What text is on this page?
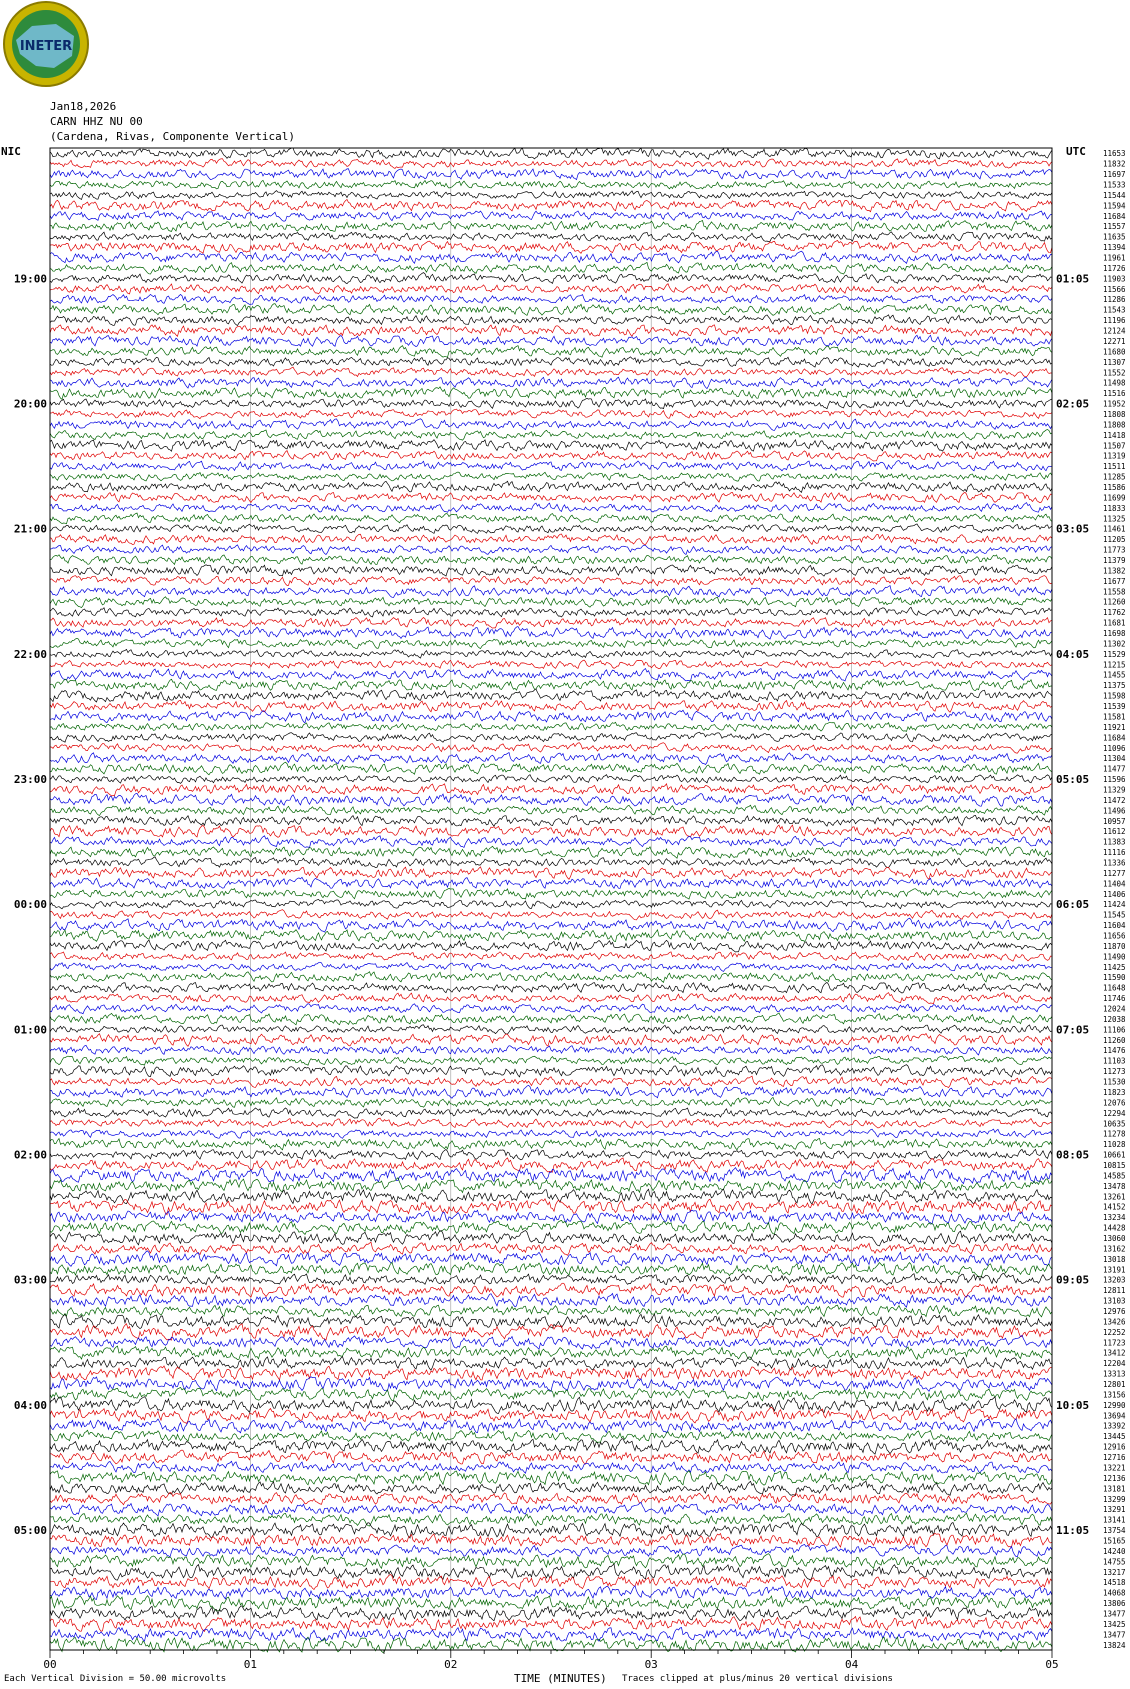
INETER
Jan18,2026
CARN HHZ NU 00
(Cardena, Rivas, Componente Vertical)
NIC	UTC
00	01	02	03	04	05
19:00
20:00
21:00
22:00
23:00
00:00
01:00
02:00
03:00
04:00
05:00
01:05
02:05
03:05
04:05
05:05
06:05
07:05
08:05
09:05
10:05
11:05
11653
11832
11697
11533
11544
11594
11684
11557
11635
11394
11961
11726
11903
11566
11286
11543
11196
12124
12271
11680
11307
11552
11498
11516
11952
11808
11808
11418
11507
11319
11511
11285
11586
11699
11833
11325
11461
11205
11773
11379
11382
11677
11558
11260
11762
11681
11698
11302
11529
11215
11455
11375
11598
11539
11581
11921
11684
11096
11304
11477
11596
11329
11472
11496
10957
11612
11383
11116
11336
11277
11404
11406
11424
11545
11604
11656
11870
11490
11425
11590
11648
11746
12024
12038
11106
11260
11476
11103
11273
11530
11823
12076
12294
10635
11278
11028
10661
10815
14585
13478
13261
14152
13234
14428
13060
13162
13018
13191
13203
12811
13103
12976
13426
12252
11723
13412
12204
13313
12801
13156
12990
13694
13392
13445
12916
12716
13221
12136
13181
13299
13291
13141
13754
15165
14240
14755
13217
14518
14068
13806
13477
13425
13477
13824
Each Vertical Division = 50.00 microvolts	TIME (MINUTES) Traces clipped at plus/minus 20 vertical divisions
